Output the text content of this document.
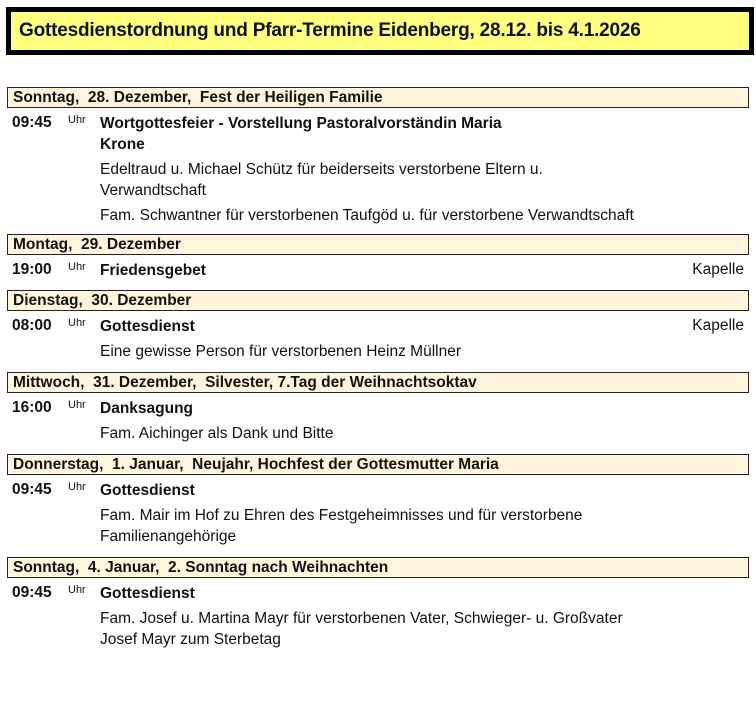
Gottesdienstordnung und Pfarr-Termine Eidenberg, 28.12. bis 4.1.2026
Sonntag,  28. Dezember,  Fest der Heiligen Familie
09:45	Uhr Wortgottesfeier - Vorstellung Pastoralvorständin Maria Krone
Edeltraud u. Michael Schütz für beiderseits verstorbene Eltern u. Verwandtschaft
Fam. Schwantner für verstorbenen Taufgöd u. für verstorbene Verwandtschaft
Montag,  29. Dezember
19:00	Uhr Friedensgebet	Kapelle
Dienstag,  30. Dezember
08:00	Uhr Gottesdienst	Kapelle
Eine gewisse Person für verstorbenen Heinz Müllner
Mittwoch,  31. Dezember,  Silvester, 7.Tag der Weihnachtsoktav
16:00	Uhr Danksagung
Fam. Aichinger als Dank und Bitte
Donnerstag,  1. Januar,  Neujahr, Hochfest der Gottesmutter Maria
09:45	Uhr Gottesdienst
Fam. Mair im Hof zu Ehren des Festgeheimnisses und für verstorbene Familienangehörige
Sonntag,  4. Januar,  2. Sonntag nach Weihnachten
09:45	Uhr Gottesdienst
Fam. Josef u. Martina Mayr für verstorbenen Vater, Schwieger- u. Großvater Josef Mayr zum Sterbetag
